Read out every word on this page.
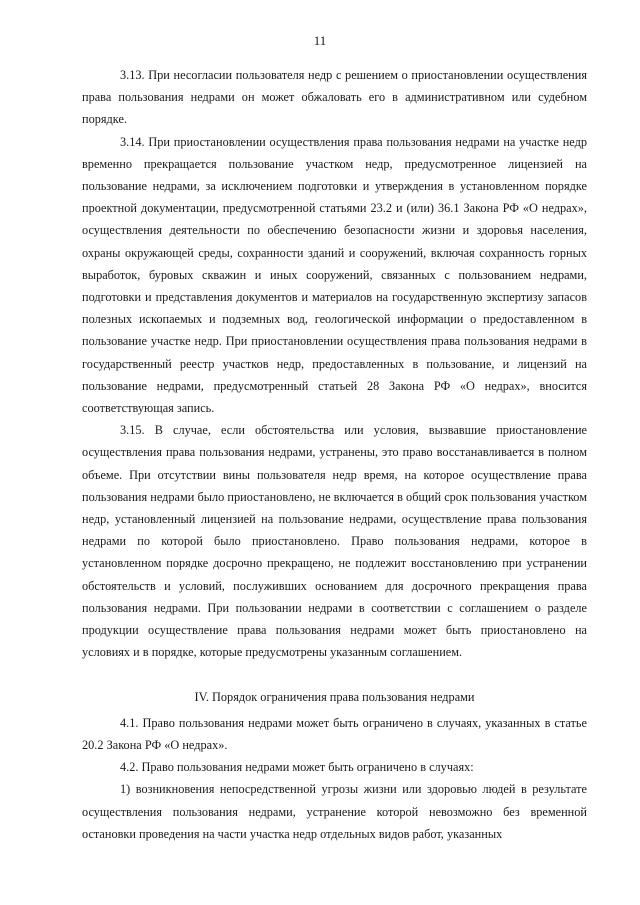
11

3.13. При несогласии пользователя недр с решением о приостановлении осуществления права пользования недрами он может обжаловать его в административном или судебном порядке.

3.14. При приостановлении осуществления права пользования недрами на участке недр временно прекращается пользование участком недр, предусмотренное лицензией на пользование недрами, за исключением подготовки и утверждения в установленном порядке проектной документации, предусмотренной статьями 23.2 и (или) 36.1 Закона РФ «О недрах», осуществления деятельности по обеспечению безопасности жизни и здоровья населения, охраны окружающей среды, сохранности зданий и сооружений, включая сохранность горных выработок, буровых скважин и иных сооружений, связанных с пользованием недрами, подготовки и представления документов и материалов на государственную экспертизу запасов полезных ископаемых и подземных вод, геологической информации о предоставленном в пользование участке недр. При приостановлении осуществления права пользования недрами в государственный реестр участков недр, предоставленных в пользование, и лицензий на пользование недрами, предусмотренный статьей 28 Закона РФ «О недрах», вносится соответствующая запись.

3.15. В случае, если обстоятельства или условия, вызвавшие приостановление осуществления права пользования недрами, устранены, это право восстанавливается в полном объеме. При отсутствии вины пользователя недр время, на которое осуществление права пользования недрами было приостановлено, не включается в общий срок пользования участком недр, установленный лицензией на пользование недрами, осуществление права пользования недрами по которой было приостановлено. Право пользования недрами, которое в установленном порядке досрочно прекращено, не подлежит восстановлению при устранении обстоятельств и условий, послуживших основанием для досрочного прекращения права пользования недрами. При пользовании недрами в соответствии с соглашением о разделе продукции осуществление права пользования недрами может быть приостановлено на условиях и в порядке, которые предусмотрены указанным соглашением.

IV. Порядок ограничения права пользования недрами

4.1. Право пользования недрами может быть ограничено в случаях, указанных в статье 20.2 Закона РФ «О недрах».

4.2. Право пользования недрами может быть ограничено в случаях:

1) возникновения непосредственной угрозы жизни или здоровью людей в результате осуществления пользования недрами, устранение которой невозможно без временной остановки проведения на части участка недр отдельных видов работ, указанных
